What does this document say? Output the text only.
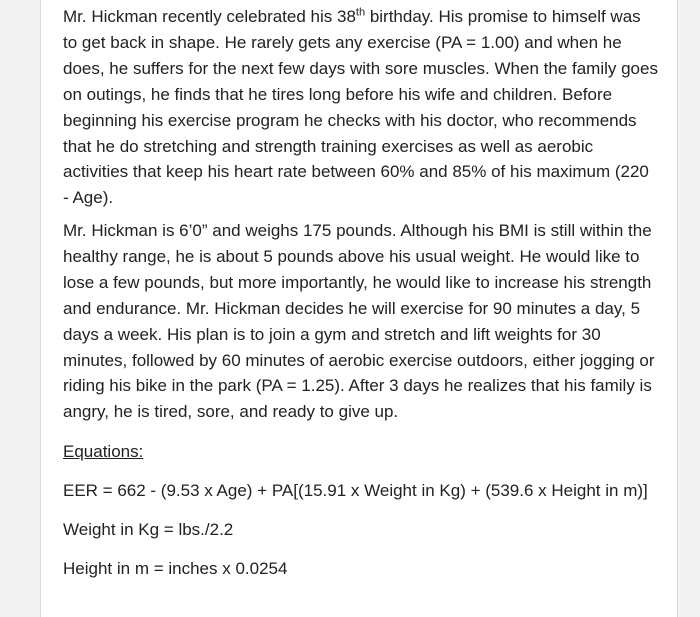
Mr. Hickman recently celebrated his 38th birthday. His promise to himself was to get back in shape. He rarely gets any exercise (PA = 1.00) and when he does, he suffers for the next few days with sore muscles. When the family goes on outings, he finds that he tires long before his wife and children. Before beginning his exercise program he checks with his doctor, who recommends that he do stretching and strength training exercises as well as aerobic activities that keep his heart rate between 60% and 85% of his maximum (220 - Age).

Mr. Hickman is 6’0” and weighs 175 pounds. Although his BMI is still within the healthy range, he is about 5 pounds above his usual weight. He would like to lose a few pounds, but more importantly, he would like to increase his strength and endurance. Mr. Hickman decides he will exercise for 90 minutes a day, 5 days a week. His plan is to join a gym and stretch and lift weights for 30 minutes, followed by 60 minutes of aerobic exercise outdoors, either jogging or riding his bike in the park (PA = 1.25). After 3 days he realizes that his family is angry, he is tired, sore, and ready to give up.

Equations:

EER = 662 - (9.53 x Age) + PA[(15.91 x Weight in Kg) + (539.6 x Height in m)]

Weight in Kg = lbs./2.2

Height in m = inches x 0.0254
